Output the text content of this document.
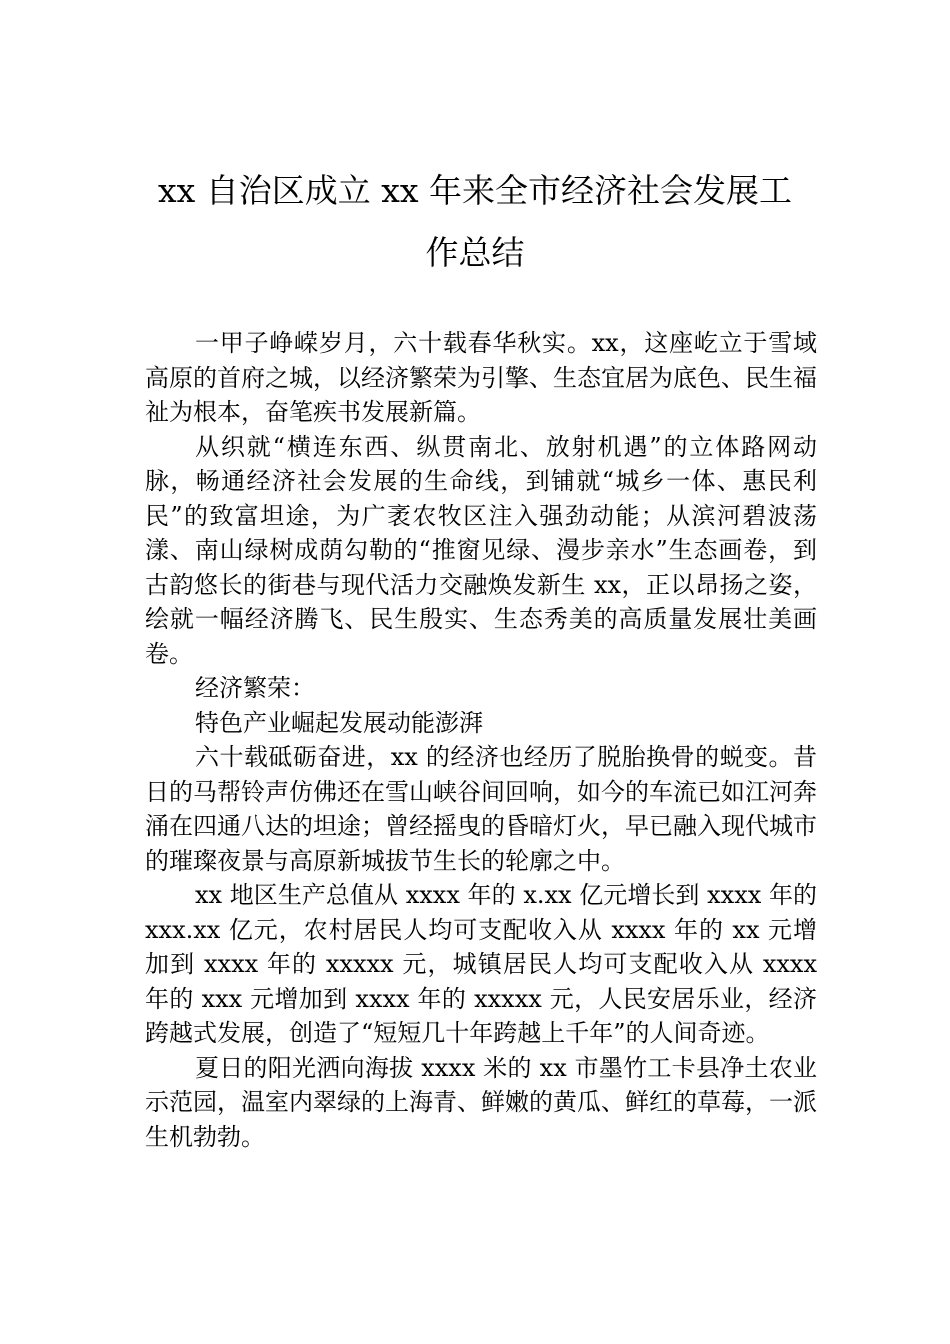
xx 自治区成立 xx 年来全市经济社会发展工
作总结

一甲子峥嵘岁月，六十载春华秋实。xx，这座屹立于雪域高原的首府之城，以经济繁荣为引擎、生态宜居为底色、民生福祉为根本，奋笔疾书发展新篇。

从织就“横连东西、纵贯南北、放射机遇”的立体路网动脉，畅通经济社会发展的生命线，到铺就“城乡一体、惠民利民”的致富坦途，为广袤农牧区注入强劲动能；从滨河碧波荡漾、南山绿树成荫勾勒的“推窗见绿、漫步亲水”生态画卷，到古韵悠长的街巷与现代活力交融焕发新生 xx，正以昂扬之姿，绘就一幅经济腾飞、民生殷实、生态秀美的高质量发展壮美画卷。

经济繁荣：

特色产业崛起发展动能澎湃

六十载砥砺奋进，xx 的经济也经历了脱胎换骨的蜕变。昔日的马帮铃声仿佛还在雪山峡谷间回响，如今的车流已如江河奔涌在四通八达的坦途；曾经摇曳的昏暗灯火，早已融入现代城市的璀璨夜景与高原新城拔节生长的轮廓之中。

xx 地区生产总值从 xxxx 年的 x.xx 亿元增长到 xxxx 年的 xxx.xx 亿元，农村居民人均可支配收入从 xxxx 年的 xx 元增加到 xxxx 年的 xxxxx 元，城镇居民人均可支配收入从 xxxx 年的 xxx 元增加到 xxxx 年的 xxxxx 元，人民安居乐业，经济跨越式发展，创造了“短短几十年跨越上千年”的人间奇迹。

夏日的阳光洒向海拔 xxxx 米的 xx 市墨竹工卡县净土农业示范园，温室内翠绿的上海青、鲜嫩的黄瓜、鲜红的草莓，一派生机勃勃。
